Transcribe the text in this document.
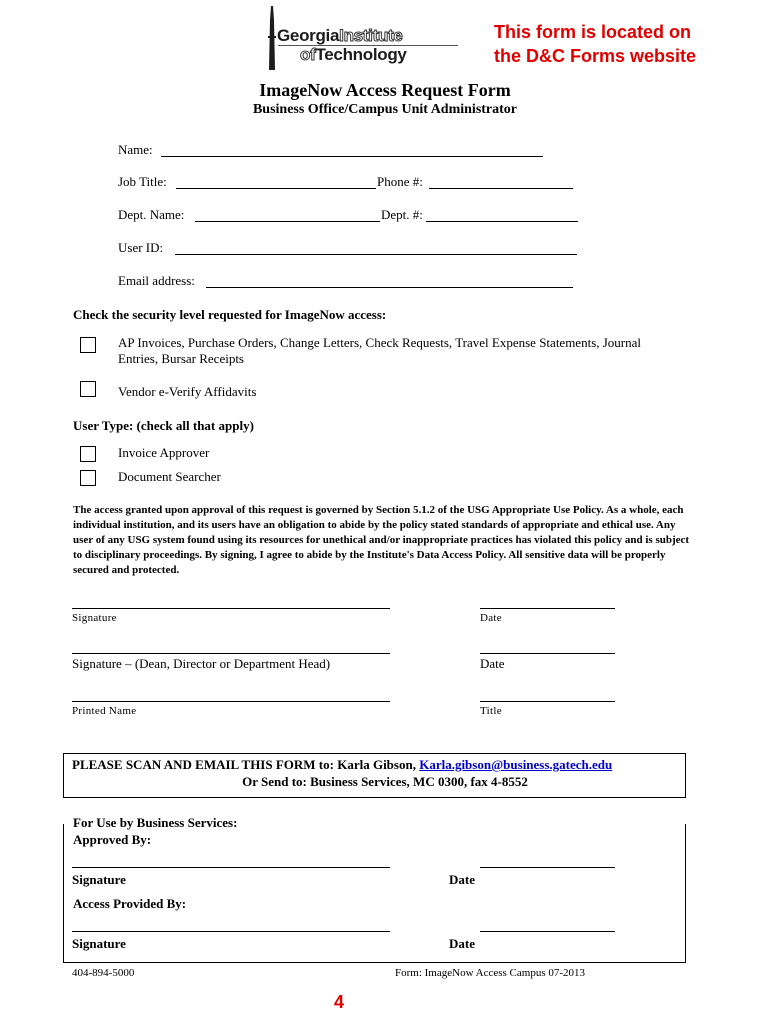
GeorgiaInstitute
ofTechnology
This form is located on
the D&C Forms website
ImageNow Access Request Form
Business Office/Campus Unit Administrator
Name:
Job Title:	Phone #:
Dept. Name:	Dept. #:
User ID:
Email address:
Check the security level requested for ImageNow access:
AP Invoices, Purchase Orders, Change Letters, Check Requests, Travel Expense Statements, Journal
Entries, Bursar Receipts
Vendor e-Verify Affidavits
User Type: (check all that apply)
Invoice Approver
Document Searcher
The access granted upon approval of this request is governed by Section 5.1.2 of the USG Appropriate Use Policy. As a whole, each individual institution, and its users have an obligation to abide by the policy stated standards of appropriate and ethical use. Any user of any USG system found using its resources for unethical and/or inappropriate practices has violated this policy and is subject to disciplinary proceedings. By signing, I agree to abide by the Institute's Data Access Policy. All sensitive data will be properly secured and protected.
Signature	Date
Signature – (Dean, Director or Department Head)	Date
Printed Name	Title
PLEASE SCAN AND EMAIL THIS FORM to: Karla Gibson, Karla.gibson@business.gatech.edu
Or Send to: Business Services, MC 0300, fax 4-8552
For Use by Business Services:
Approved By:
Signature	Date
Access Provided By:
Signature	Date
404-894-5000	Form: ImageNow Access Campus 07-2013
4
